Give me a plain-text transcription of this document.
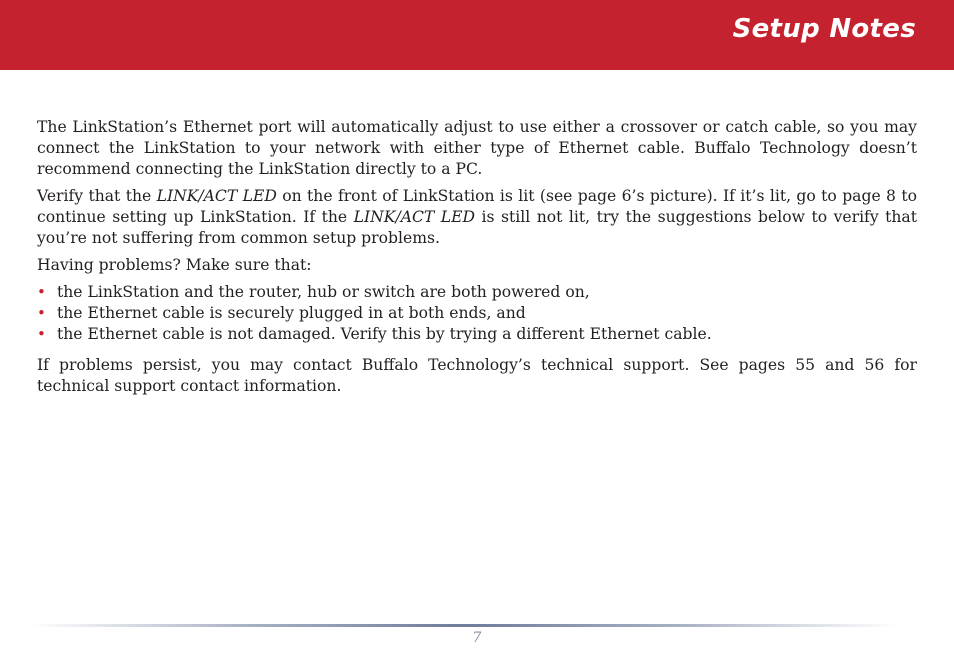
Setup Notes

The LinkStation’s Ethernet port will automatically adjust to use either a crossover or catch cable, so you may connect the LinkStation to your network with either type of Ethernet cable. Buffalo Technology doesn’t recommend connecting the LinkStation directly to a PC.

Verify that the LINK/ACT LED on the front of LinkStation is lit (see page 6’s picture). If it’s lit, go to page 8 to continue setting up LinkStation. If the LINK/ACT LED is still not lit, try the suggestions below to verify that you’re not suffering from common setup problems.

Having problems? Make sure that:

• the LinkStation and the router, hub or switch are both powered on,
• the Ethernet cable is securely plugged in at both ends, and
• the Ethernet cable is not damaged. Verify this by trying a different Ethernet cable.

If problems persist, you may contact Buffalo Technology’s technical support. See pages 55 and 56 for technical support contact information.

7
